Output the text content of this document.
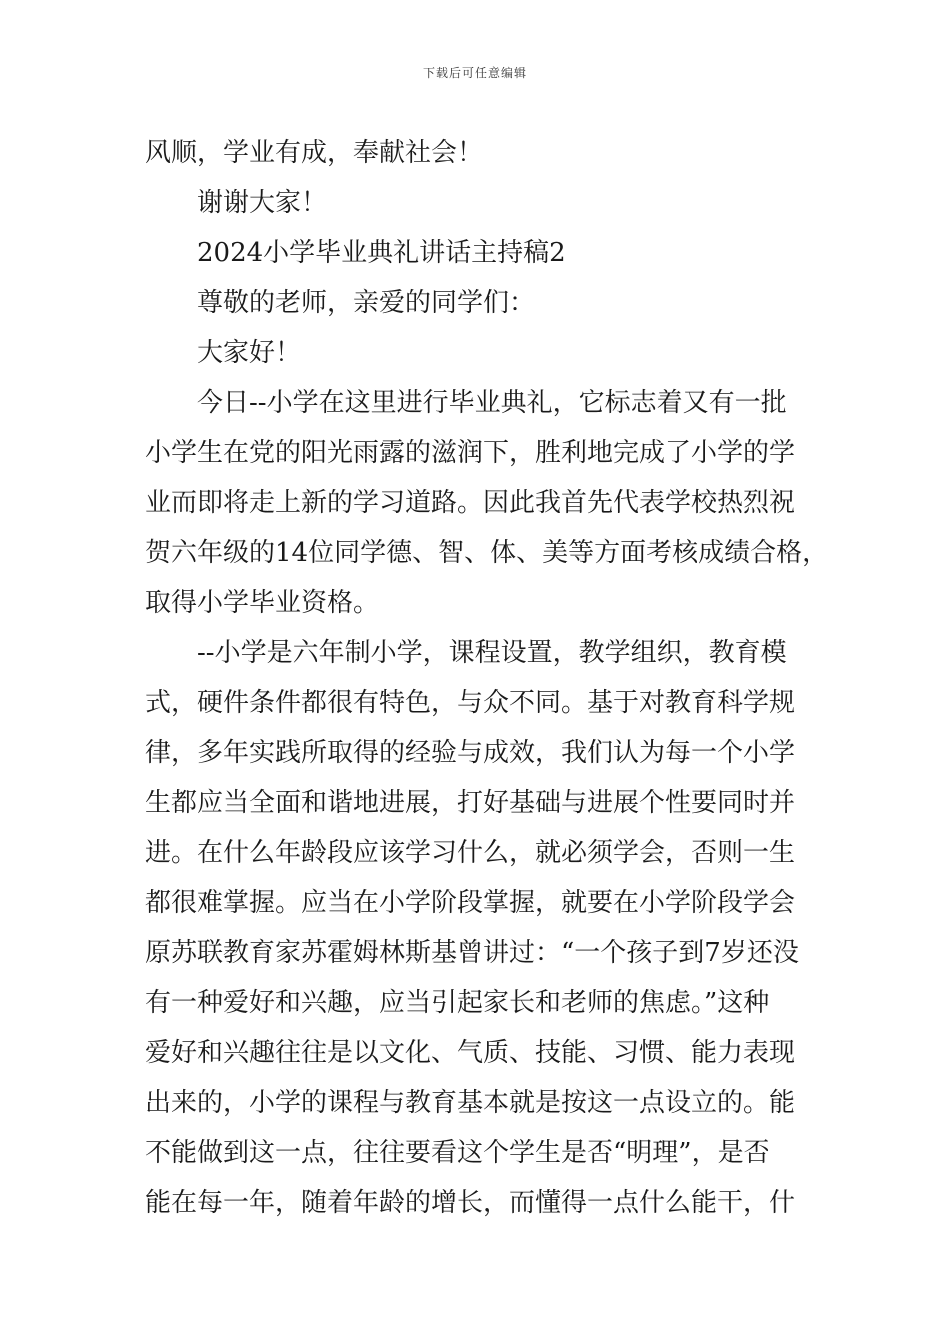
下载后可任意编辑
风顺，学业有成，奉献社会！
谢谢大家！
2024小学毕业典礼讲话主持稿2
尊敬的老师，亲爱的同学们：
大家好！
今日--小学在这里进行毕业典礼，它标志着又有一批
小学生在党的阳光雨露的滋润下，胜利地完成了小学的学
业而即将走上新的学习道路。因此我首先代表学校热烈祝
贺六年级的14位同学德、智、体、美等方面考核成绩合格，
取得小学毕业资格。
--小学是六年制小学，课程设置，教学组织，教育模
式，硬件条件都很有特色，与众不同。基于对教育科学规
律，多年实践所取得的经验与成效，我们认为每一个小学
生都应当全面和谐地进展，打好基础与进展个性要同时并
进。在什么年龄段应该学习什么，就必须学会，否则一生
都很难掌握。应当在小学阶段掌握，就要在小学阶段学会
原苏联教育家苏霍姆林斯基曾讲过：“一个孩子到7岁还没
有一种爱好和兴趣，应当引起家长和老师的焦虑。”这种
爱好和兴趣往往是以文化、气质、技能、习惯、能力表现
出来的，小学的课程与教育基本就是按这一点设立的。能
不能做到这一点，往往要看这个学生是否“明理”，是否
能在每一年，随着年龄的增长，而懂得一点什么能干，什
